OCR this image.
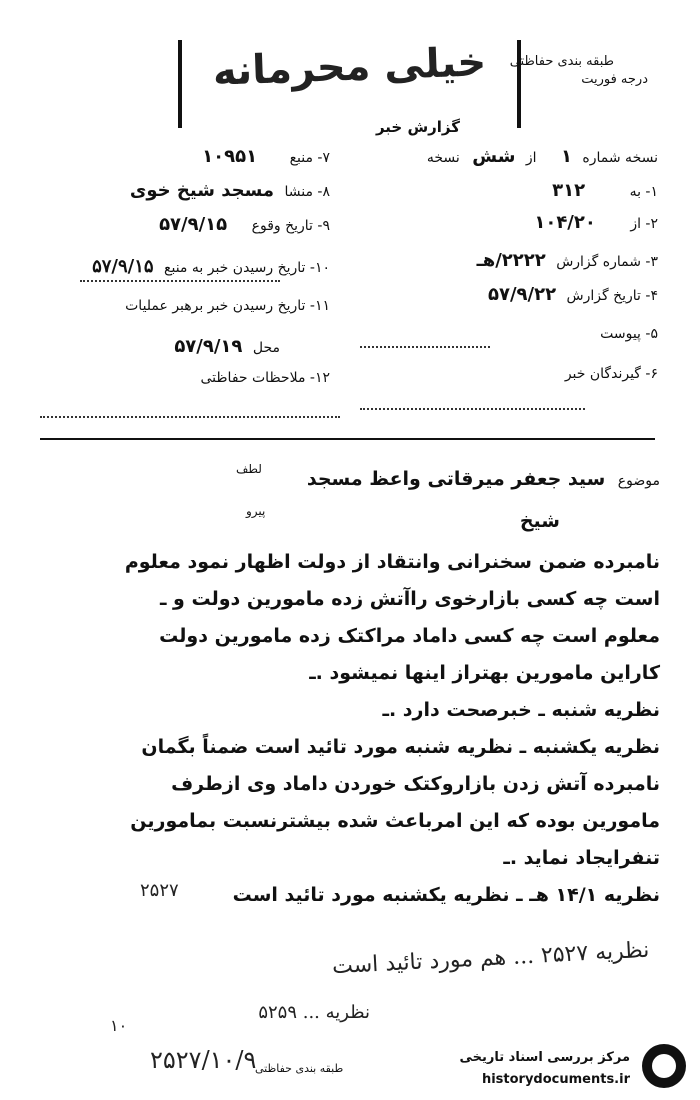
خیلی محرمانه	طبقه بندی حفاظتی
گزارش خبر
درجه فوریت
نسخه شماره ۱ از شش نسخه
۱- به ۳۱۲
۲- از ۱۰۴/۲۰
۳- شماره گزارش ۲۲۲۲/هـ
۴- تاریخ گزارش ۵۷/۹/۲۲
۵- پیوست
۶- گیرندگان خبر
۷- منبع ۱۰۹۵۱
۸- منشا مسجد شیخ خوی
۹- تاریخ وقوع ۵۷/۹/۱۵
۱۰- تاریخ رسیدن خبر به منبع ۵۷/۹/۱۵
۱۱- تاریخ رسیدن خبر برهبر عملیات
محل ۵۷/۹/۱۹
۱۲- ملاحظات حفاظتی
موضوع سید جعفر میرقاتی واعظ مسجد
لطف
پیرو	شیخ

نامبرده ضمن سخنرانی وانتقاد از دولت اظهار نمود معلوم

است چه کسی بازارخوی راآتش زده مامورین دولت و ـ

معلوم است چه کسی داماد مراکتک زده مامورین دولت

کاراین مامورین بهتراز اینها نمیشود .ـ

نظریه شنبه ـ خبرصحت دارد .ـ

نظریه یکشنبه ـ نظریه شنبه مورد تائید است ضمناً بگمان

نامبرده آتش زدن بازاروکتک خوردن داماد وی ازطرف

مامورین بوده که این امرباعث شده بیشترنسبت بمامورین

تنفرایجاد نماید .ـ

نظریه ۱۴/۱ هـ ـ نظریه یکشنبه مورد تائید است

نظریه ۲۵۲۷ ... هم مورد تائید است
نظریه ... ۵۲۵۹
۲۵۲۷/۱۰/۹
۱۰
۲۵۲۷
طبقه بندی حفاظتی
مرکز بررسی اسناد تاریخی
historydocuments.ir
